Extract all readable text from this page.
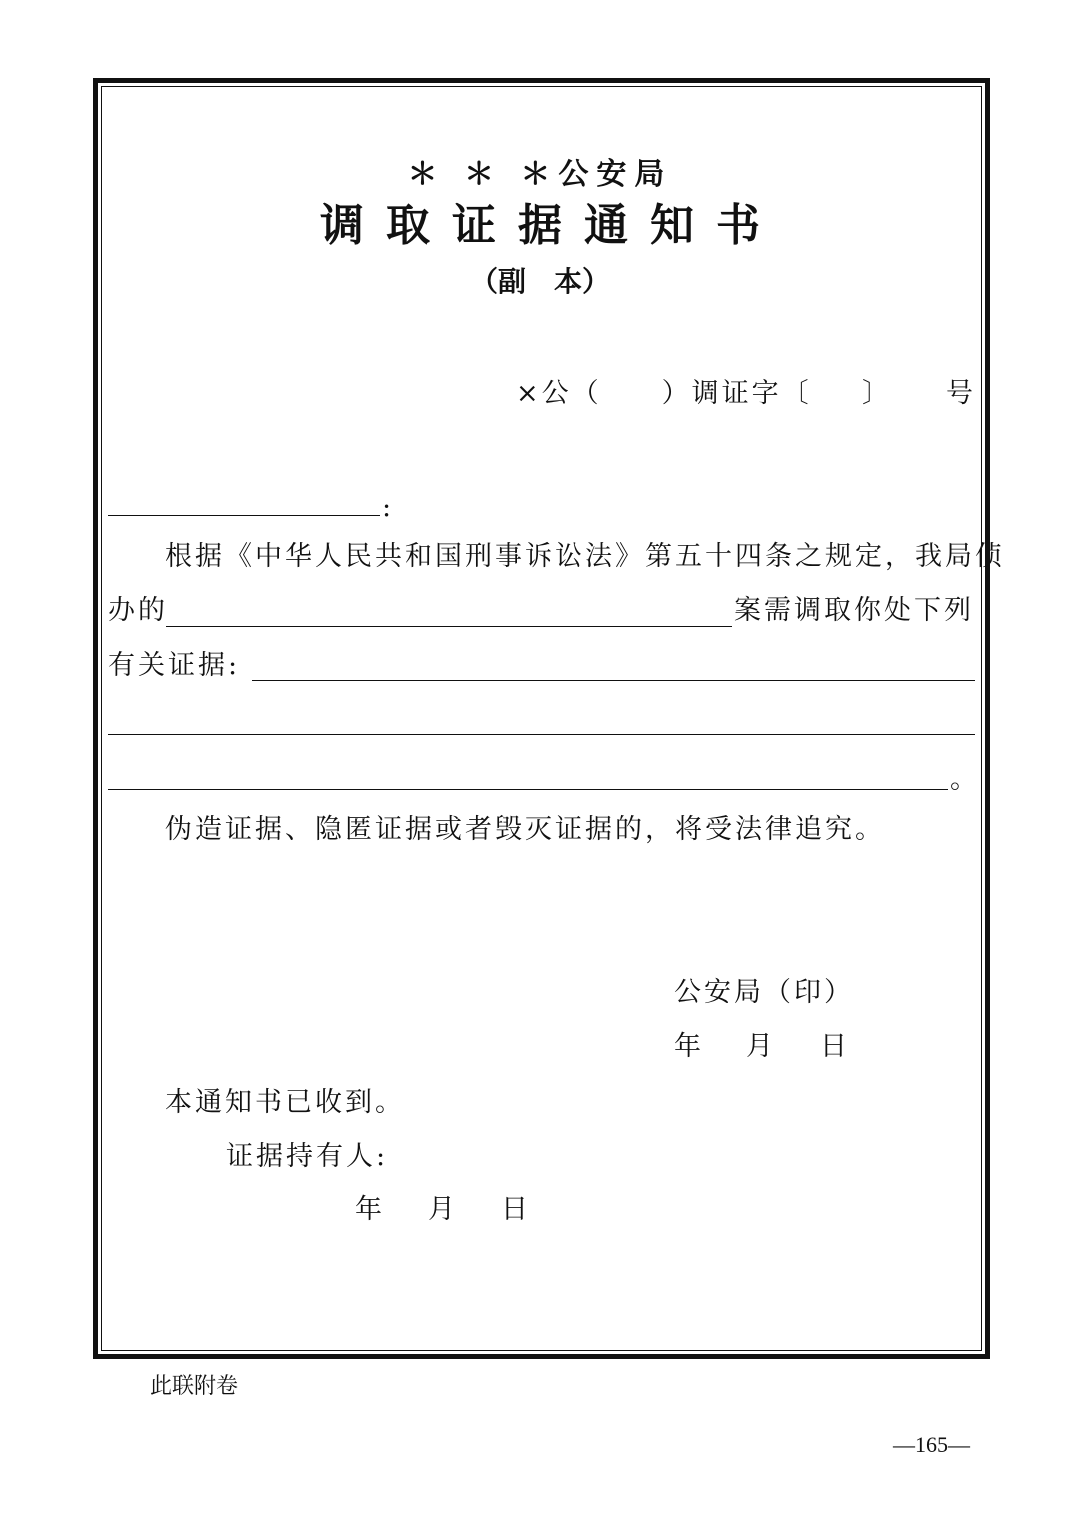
＊ ＊ ＊公安局
调取证据通知书
（副　本）
×公（　　）调证字〔 〕 号
:
根据《中华人民共和国刑事诉讼法》第五十四条之规定，我局侦
办的	案需调取你处下列
有关证据:
。
伪造证据、隐匿证据或者毁灭证据的，将受法律追究。
公安局（印）
年 月 日
本通知书已收到。
证据持有人:
年 月 日
此联附卷
—165—
